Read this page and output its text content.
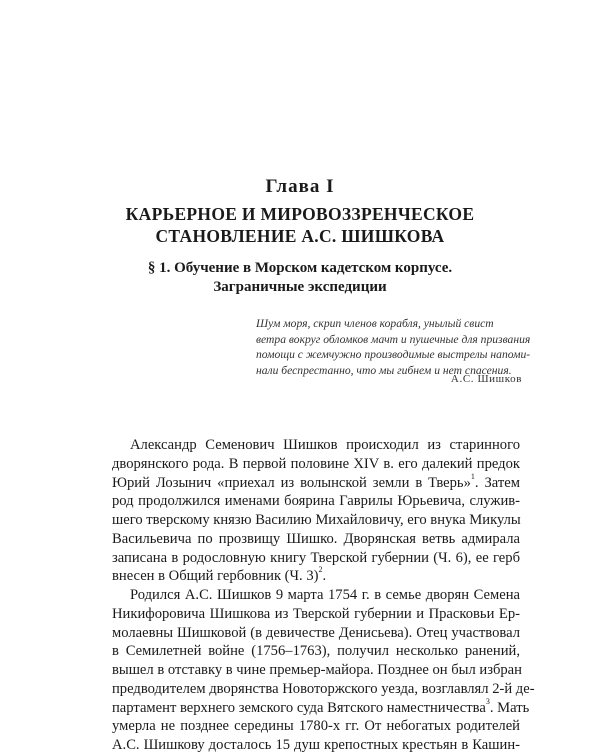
Глава I
КАРЬЕРНОЕ И МИРОВОЗЗРЕНЧЕСКОЕ
СТАНОВЛЕНИЕ А.С. ШИШКОВА
§ 1. Обучение в Морском кадетском корпусе.
Заграничные экспедиции
Шум моря, скрип членов корабля, унылый свист
ветра вокруг обломков мачт и пушечные для призвания
помощи с жемчужно производимые выстрелы напоми-
нали беспрестанно, что мы гибнем и нет спасения.
А.С. Шишков
Александр Семенович Шишков происходил из старинного
дворянского рода. В первой половине XIV в. его далекий предок
Юрий Лозынич «приехал из волынской земли в Тверь»$^1$. Затем
род продолжился именами боярина Гаврилы Юрьевича, служив-
шего тверскому князю Василию Михайловичу, его внука Микулы
Васильевича по прозвищу Шишко. Дворянская ветвь адмирала
записана в родословную книгу Тверской губернии (Ч. 6), ее герб
внесен в Общий гербовник (Ч. 3)$^2$.
Родился А.С. Шишков 9 марта 1754 г. в семье дворян Семена
Никифоровича Шишкова из Тверской губернии и Прасковьи Ер-
молаевны Шишковой (в девичестве Денисьева). Отец участвовал
в Семилетней войне (1756–1763), получил несколько ранений,
вышел в отставку в чине премьер-майора. Позднее он был избран
предводителем дворянства Новоторжского уезда, возглавлял 2-й де-
партамент верхнего земского суда Вятского наместничества$^3$. Мать
умерла не позднее середины 1780-х гг. От небогатых родителей
А.С. Шишкову досталось 15 душ крепостных крестьян в Кашин-
